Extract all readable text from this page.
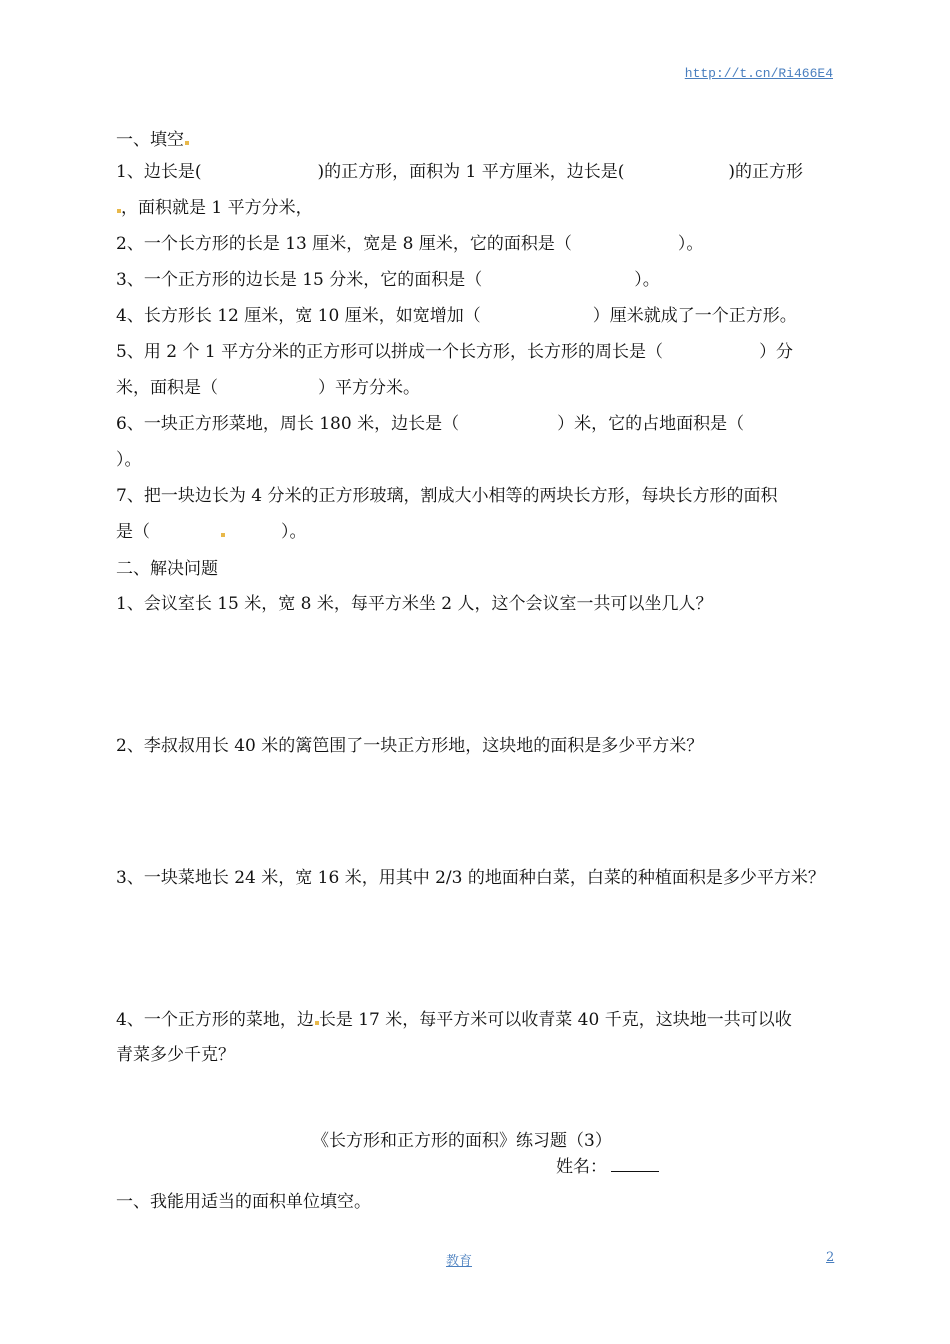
http://t.cn/Ri466E4
一、填空
1、边长是(	)的正方形，面积为 1 平方厘米，边长是(	)的正方形
，面积就是 1 平方分米，
2、一个长方形的长是 13 厘米，宽是 8 厘米，它的面积是（	）。
3、一个正方形的边长是 15 分米，它的面积是（	）。
4、长方形长 12 厘米，宽 10 厘米，如宽增加（	）厘米就成了一个正方形。
5、用 2 个 1 平方分米的正方形可以拼成一个长方形，长方形的周长是（	）分
米，面积是（	）平方分米。
6、一块正方形菜地，周长 180 米，边长是（	）米，它的占地面积是（
）。
7、把一块边长为 4 分米的正方形玻璃，割成大小相等的两块长方形，每块长方形的面积
是（	）。
二、解决问题
1、会议室长 15 米，宽 8 米，每平方米坐 2 人，这个会议室一共可以坐几人？
2、李叔叔用长 40 米的篱笆围了一块正方形地，这块地的面积是多少平方米？
3、一块菜地长 24 米，宽 16 米，用其中 2/3 的地面种白菜，白菜的种植面积是多少平方米？
4、一个正方形的菜地，边 长是 17 米，每平方米可以收青菜 40 千克，这块地一共可以收
青菜多少千克？
《长方形和正方形的面积》练习题（3）
姓名：
一、我能用适当的面积单位填空。
教育	2
